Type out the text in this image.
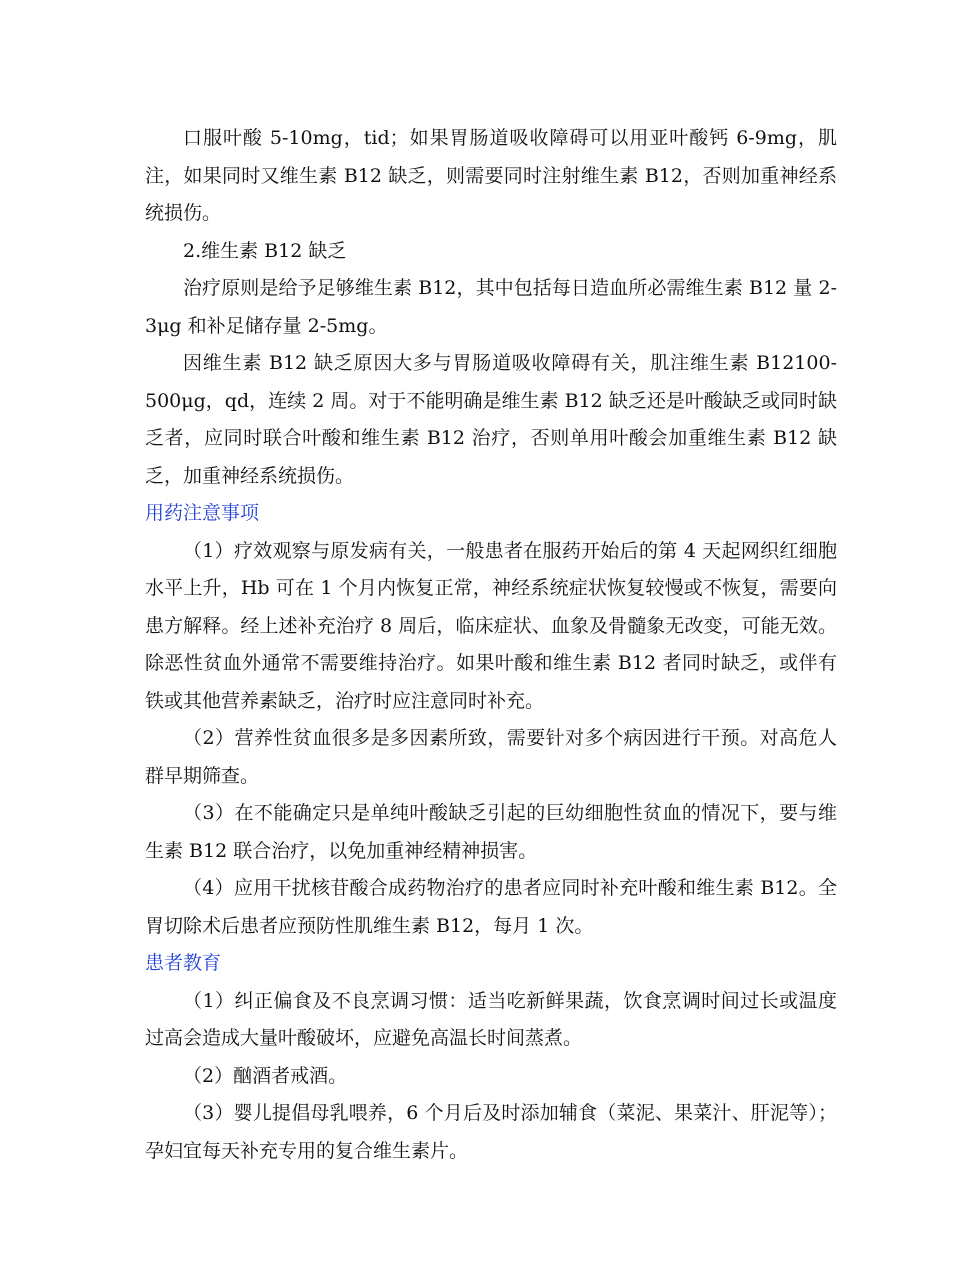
口服叶酸 5-10mg，tid；如果胃肠道吸收障碍可以用亚叶酸钙 6-9mg，肌注，如果同时又维生素 B12 缺乏，则需要同时注射维生素 B12，否则加重神经系统损伤。

2.维生素 B12 缺乏

治疗原则是给予足够维生素 B12，其中包括每日造血所必需维生素 B12 量 2-3μg 和补足储存量 2-5mg。

因维生素 B12 缺乏原因大多与胃肠道吸收障碍有关，肌注维生素 B12100-500μg，qd，连续 2 周。对于不能明确是维生素 B12 缺乏还是叶酸缺乏或同时缺乏者，应同时联合叶酸和维生素 B12 治疗，否则单用叶酸会加重维生素 B12 缺乏，加重神经系统损伤。

用药注意事项

（1）疗效观察与原发病有关，一般患者在服药开始后的第 4 天起网织红细胞水平上升，Hb 可在 1 个月内恢复正常，神经系统症状恢复较慢或不恢复，需要向患方解释。经上述补充治疗 8 周后，临床症状、血象及骨髓象无改变，可能无效。除恶性贫血外通常不需要维持治疗。如果叶酸和维生素 B12 者同时缺乏，或伴有铁或其他营养素缺乏，治疗时应注意同时补充。

（2）营养性贫血很多是多因素所致，需要针对多个病因进行干预。对高危人群早期筛查。

（3）在不能确定只是单纯叶酸缺乏引起的巨幼细胞性贫血的情况下，要与维生素 B12 联合治疗，以免加重神经精神损害。

（4）应用干扰核苷酸合成药物治疗的患者应同时补充叶酸和维生素 B12。全胃切除术后患者应预防性肌维生素 B12，每月 1 次。

患者教育

（1）纠正偏食及不良烹调习惯：适当吃新鲜果蔬，饮食烹调时间过长或温度过高会造成大量叶酸破坏，应避免高温长时间蒸煮。

（2）酗酒者戒酒。

（3）婴儿提倡母乳喂养，6 个月后及时添加辅食（菜泥、果菜汁、肝泥等）；孕妇宜每天补充专用的复合维生素片。
